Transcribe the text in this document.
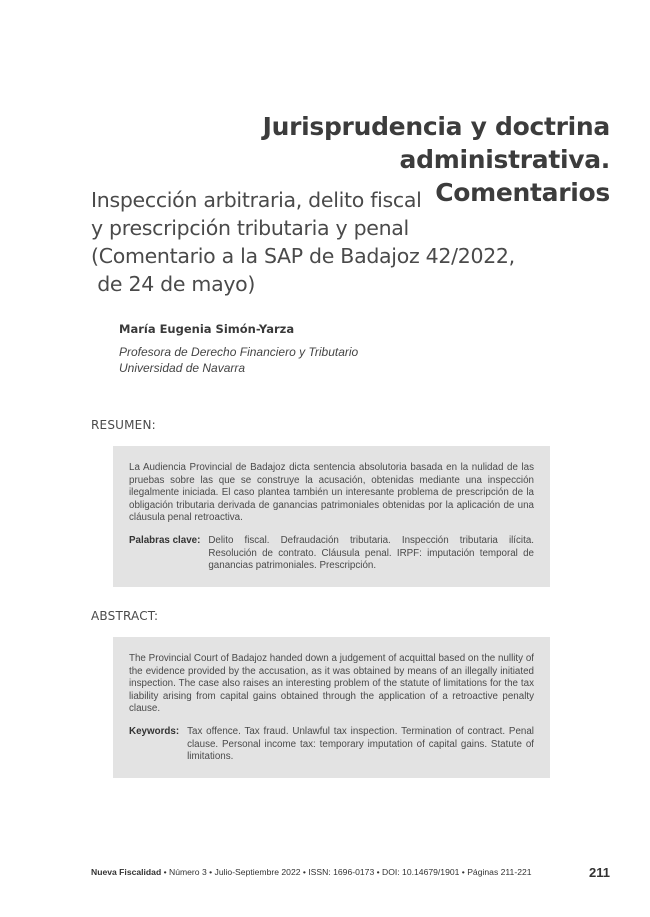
Jurisprudencia y doctrina administrativa.
Comentarios
Inspección arbitraria, delito fiscal
y prescripción tributaria y penal
(Comentario a la SAP de Badajoz 42/2022,
de 24 de mayo)
María Eugenia Simón-Yarza
Profesora de Derecho Financiero y Tributario
Universidad de Navarra
RESUMEN:

La Audiencia Provincial de Badajoz dicta sentencia absolutoria basada en la nulidad de las pruebas sobre las que se construye la acusación, obtenidas mediante una inspección ilegalmente iniciada. El caso plantea también un interesante problema de prescripción de la obligación tributaria derivada de ganancias patrimoniales obtenidas por la aplicación de una cláusula penal retroactiva.

Palabras clave: Delito fiscal. Defraudación tributaria. Inspección tributaria ilícita. Resolución de contrato. Cláusula penal. IRPF: imputación temporal de ganancias patrimoniales. Prescripción.
ABSTRACT:

The Provincial Court of Badajoz handed down a judgement of acquittal based on the nullity of the evidence provided by the accusation, as it was obtained by means of an illegally initiated inspection. The case also raises an interesting problem of the statute of limitations for the tax liability arising from capital gains obtained through the application of a retroactive penalty clause.

Keywords: Tax offence. Tax fraud. Unlawful tax inspection. Termination of contract. Penal clause. Personal income tax: temporary imputation of capital gains. Statute of limitations.
Nueva Fiscalidad • Número 3 • Julio-Septiembre 2022 • ISSN: 1696-0173 • DOI: 10.14679/1901 • Páginas 211-221	211
